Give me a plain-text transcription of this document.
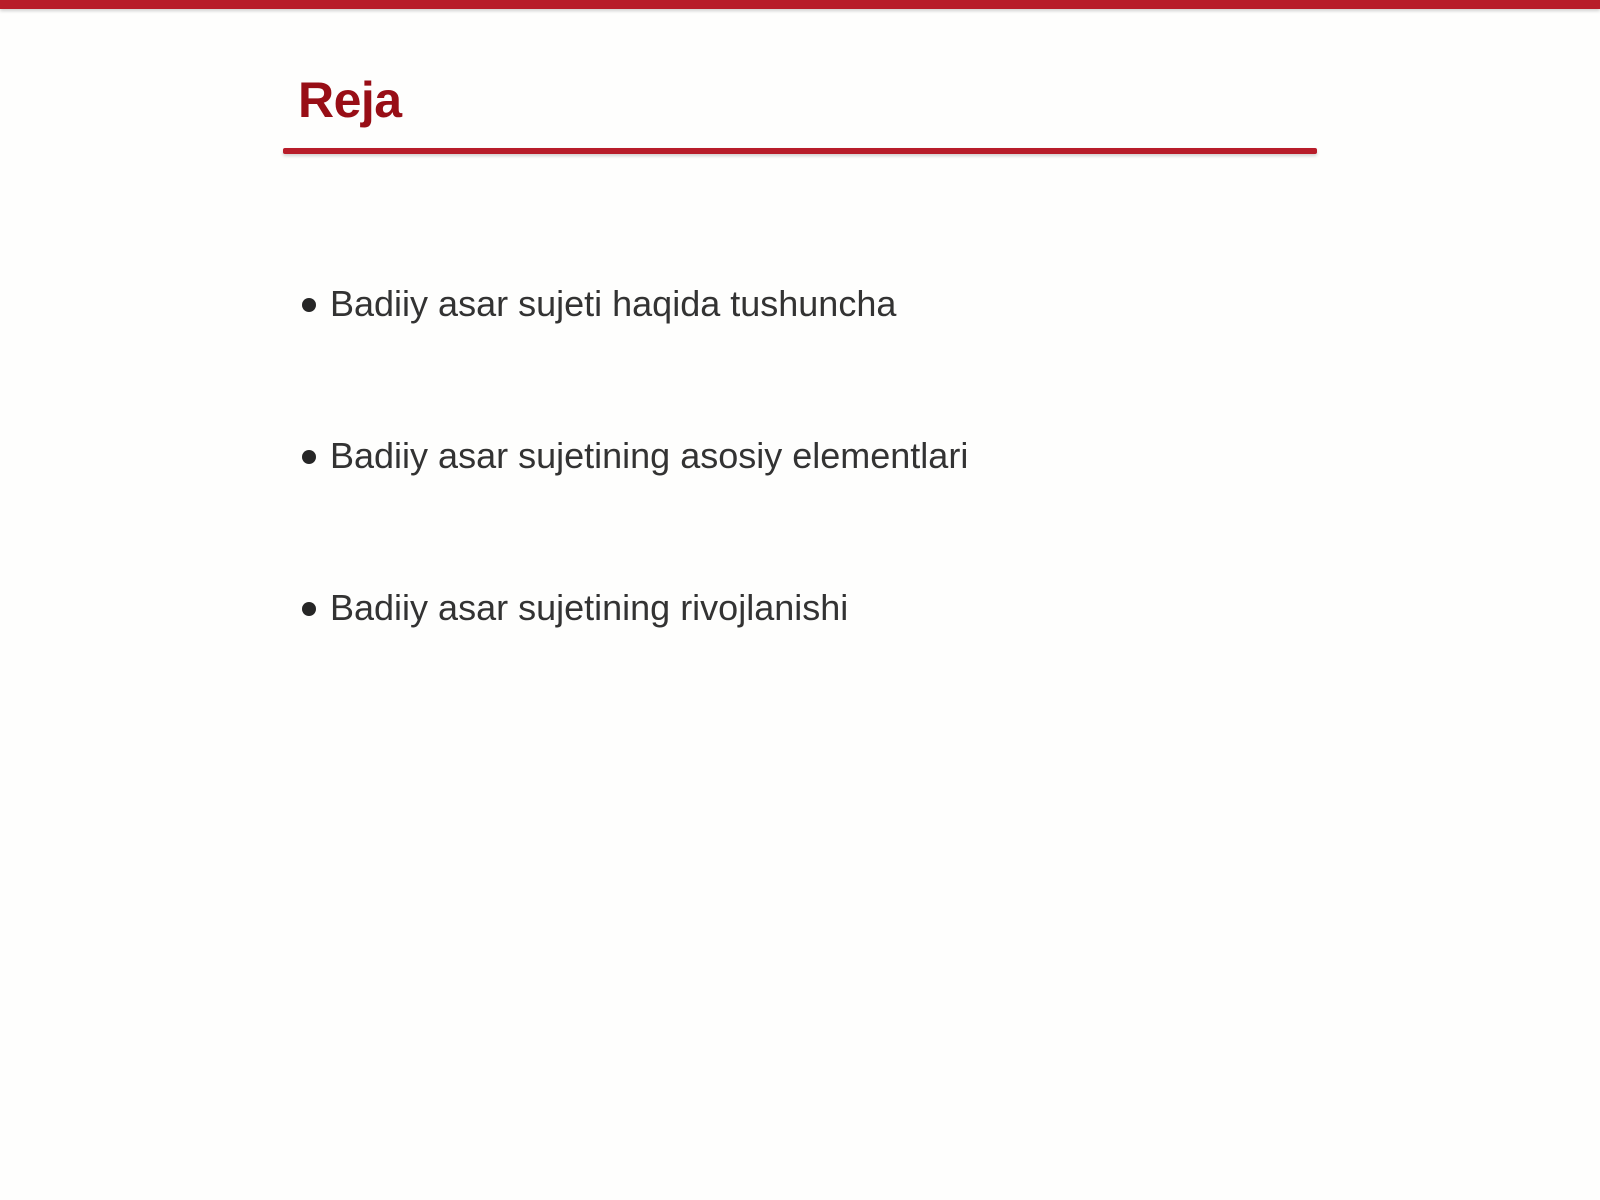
Reja
Badiiy asar sujeti haqida tushuncha
Badiiy asar sujetining asosiy elementlari
Badiiy asar sujetining rivojlanishi
